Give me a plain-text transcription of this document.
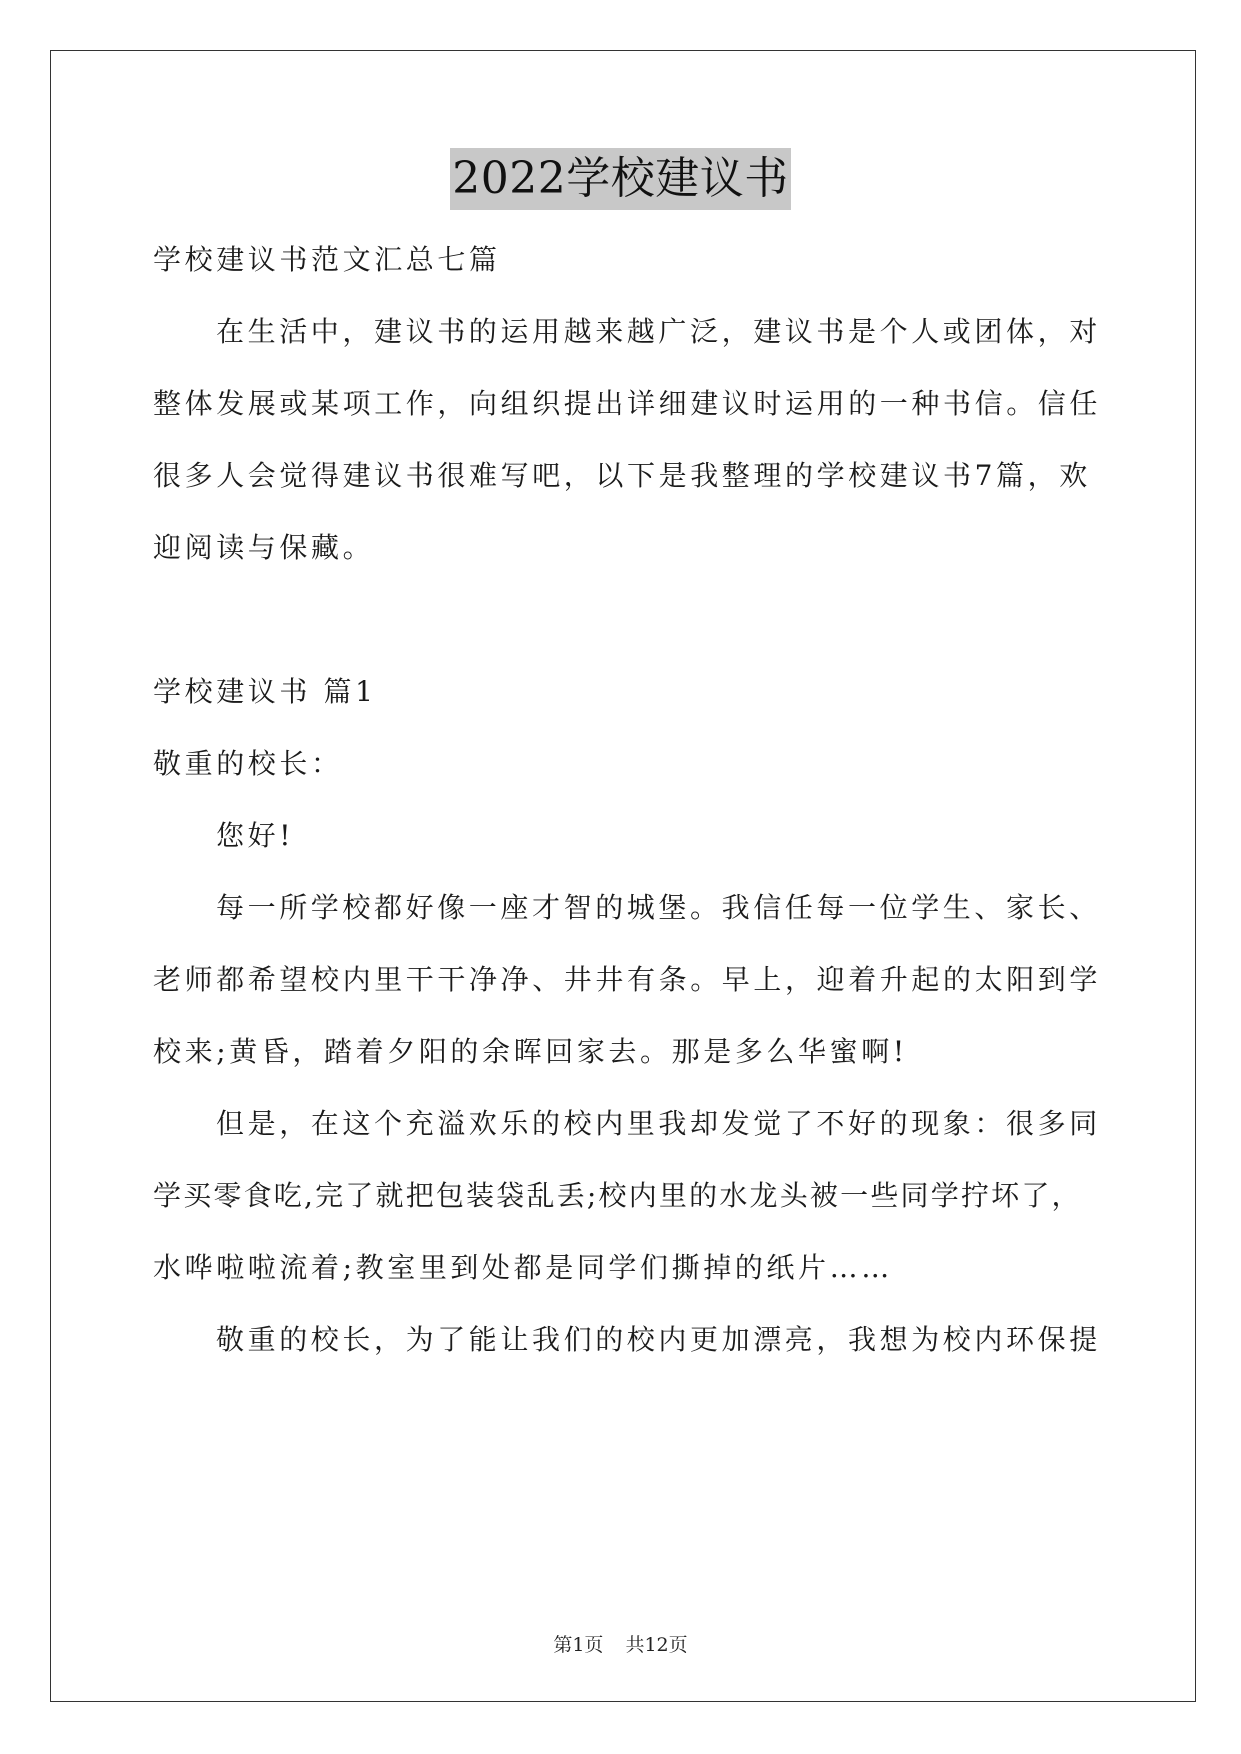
2022学校建议书
学校建议书范文汇总七篇
在生活中，建议书的运用越来越广泛，建议书是个人或团体，对
整体发展或某项工作，向组织提出详细建议时运用的一种书信。信任
很多人会觉得建议书很难写吧，以下是我整理的学校建议书7篇，欢
迎阅读与保藏。
学校建议书 篇1
敬重的校长：
您好!
每一所学校都好像一座才智的城堡。我信任每一位学生、家长、
老师都希望校内里干干净净、井井有条。早上，迎着升起的太阳到学
校来;黄昏，踏着夕阳的余晖回家去。那是多么华蜜啊!
但是，在这个充溢欢乐的校内里我却发觉了不好的现象：很多同
学买零食吃,完了就把包装袋乱丢;校内里的水龙头被一些同学拧坏了，
水哗啦啦流着;教室里到处都是同学们撕掉的纸片……
敬重的校长，为了能让我们的校内更加漂亮，我想为校内环保提
第1页 共12页
